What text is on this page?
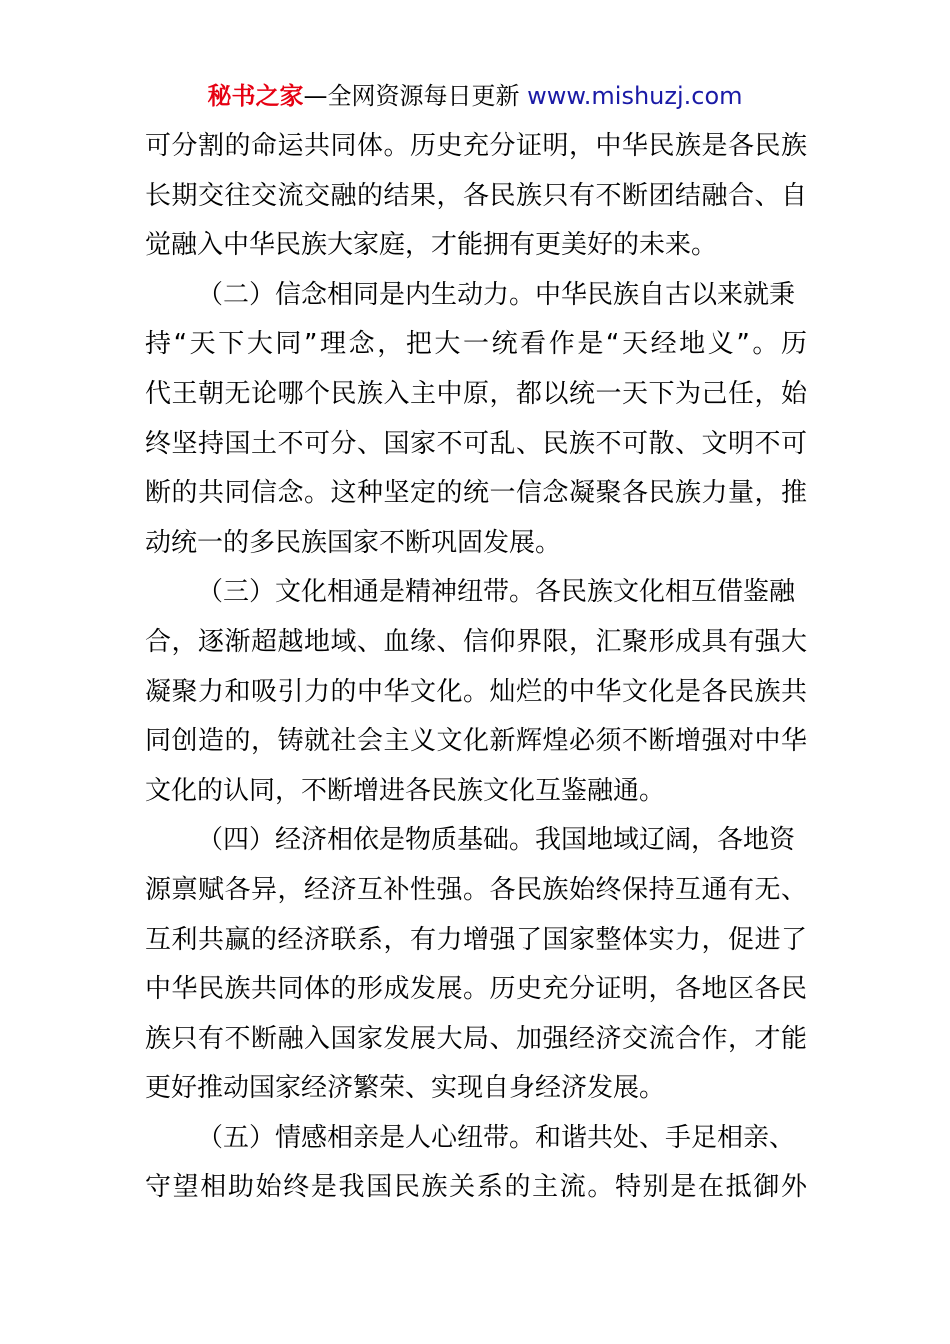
秘书之家—全网资源每日更新 www.mishuzj.com
可分割的命运共同体。历史充分证明，中华民族是各民族
长期交往交流交融的结果，各民族只有不断团结融合、自
觉融入中华民族大家庭，才能拥有更美好的未来。
（二）信念相同是内生动力。中华民族自古以来就秉
持“天下大同”理念，把大一统看作是“天经地义”。历
代王朝无论哪个民族入主中原，都以统一天下为己任，始
终坚持国土不可分、国家不可乱、民族不可散、文明不可
断的共同信念。这种坚定的统一信念凝聚各民族力量，推
动统一的多民族国家不断巩固发展。
（三）文化相通是精神纽带。各民族文化相互借鉴融
合，逐渐超越地域、血缘、信仰界限，汇聚形成具有强大
凝聚力和吸引力的中华文化。灿烂的中华文化是各民族共
同创造的，铸就社会主义文化新辉煌必须不断增强对中华
文化的认同，不断增进各民族文化互鉴融通。
（四）经济相依是物质基础。我国地域辽阔，各地资
源禀赋各异，经济互补性强。各民族始终保持互通有无、
互利共赢的经济联系，有力增强了国家整体实力，促进了
中华民族共同体的形成发展。历史充分证明，各地区各民
族只有不断融入国家发展大局、加强经济交流合作，才能
更好推动国家经济繁荣、实现自身经济发展。
（五）情感相亲是人心纽带。和谐共处、手足相亲、
守望相助始终是我国民族关系的主流。特别是在抵御外
